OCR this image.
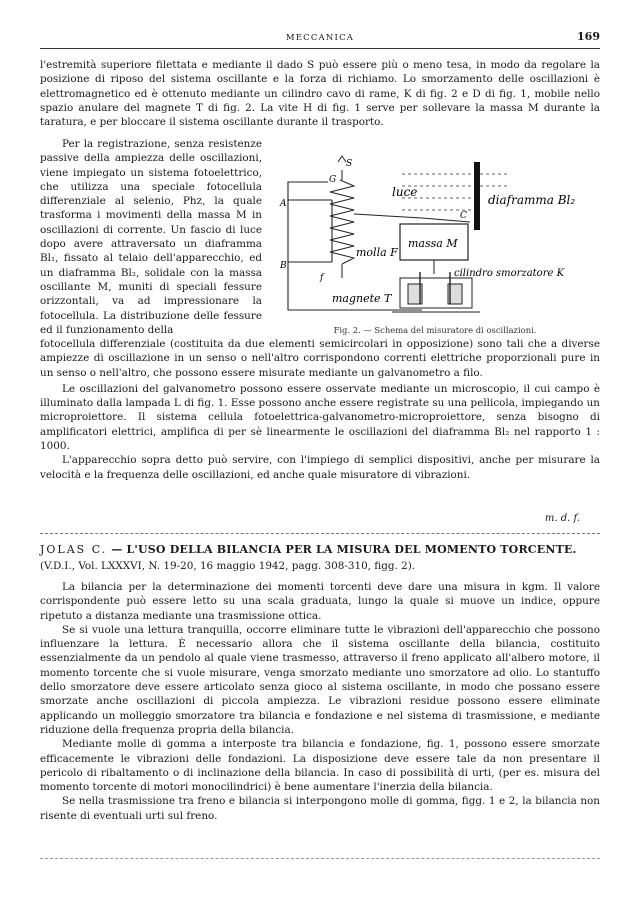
MECCANICA	169

l'estremità superiore filettata e mediante il dado S può essere più o meno tesa, in modo da regolare la posizione di riposo del sistema oscillante e la forza di richiamo. Lo smorzamento delle oscillazioni è elettromagnetico ed è ottenuto mediante un cilindro cavo di rame, K di fig. 2 e D di fig. 1, mobile nello spazio anulare del magnete T di fig. 2. La vite H di fig. 1 serve per sollevare la massa M durante la taratura, e per bloccare il sistema oscillante durante il trasporto.

Per la registrazione, senza resistenze passive della ampiezza delle oscillazioni, viene impiegato un sistema fotoelettrico, che utilizza una speciale fotocellula differenziale al selenio, Phz, la quale trasforma i movimenti della massa M in oscillazioni di corrente. Un fascio di luce dopo avere attraversato un diaframma Bl₁, fissato al telaio dell'apparecchio, ed un diaframma Bl₂, solidale con la massa oscillante M, muniti di speciali fessure orizzontali, va ad impressionare la fotocellula. La distribuzione delle fessure ed il funzionamento della

S
G
A
B
C
f
luce
diaframma Bl₂
massa M
molla F
cilindro smorzatore K
magnete T
Fig. 2. — Schema del misuratore di oscillazioni.

fotocellula differenziale (costituita da due elementi semicircolari in opposizione) sono tali che a diverse ampiezze di oscillazione in un senso o nell'altro corrispondono correnti elettriche proporzionali pure in un senso o nell'altro, che possono essere misurate mediante un galvanometro a filo.

Le oscillazioni del galvanometro possono essere osservate mediante un microscopio, il cui campo è illuminato dalla lampada L di fig. 1. Esse possono anche essere registrate su una pellicola, impiegando un microproiettore. Il sistema cellula fotoelettrica-galvanometro-microproiettore, senza bisogno di amplificatori elettrici, amplifica di per sè linearmente le oscillazioni del diaframma Bl₂ nel rapporto 1 : 1000.

L'apparecchio sopra detto può servire, con l'impiego di semplici dispositivi, anche per misurare la velocità e la frequenza delle oscillazioni, ed anche quale misuratore di vibrazioni.

m. d. f.
JOLAS C. — L'USO DELLA BILANCIA PER LA MISURA DEL MOMENTO TORCENTE.
(V.D.I., Vol. LXXXVI, N. 19-20, 16 maggio 1942, pagg. 308-310, figg. 2).

La bilancia per la determinazione dei momenti torcenti deve dare una misura in kgm. Il valore corrispondente può essere letto su una scala graduata, lungo la quale si muove un indice, oppure ripetuto a distanza mediante una trasmissione ottica.

Se si vuole una lettura tranquilla, occorre eliminare tutte le vibrazioni dell'apparecchio che possono influenzare la lettura. È necessario allora che il sistema oscillante della bilancia, costituito essenzialmente da un pendolo al quale viene trasmesso, attraverso il freno applicato all'albero motore, il momento torcente che si vuole misurare, venga smorzato mediante uno smorzatore ad olio. Lo stantuffo dello smorzatore deve essere articolato senza gioco al sistema oscillante, in modo che possano essere smorzate anche oscillazioni di piccola ampiezza. Le vibrazioni residue possono essere eliminate applicando un molleggio smorzatore tra bilancia e fondazione e nel sistema di trasmissione, e mediante riduzione della frequenza propria della bilancia.

Mediante molle di gomma a interposte tra bilancia e fondazione, fig. 1, possono essere smorzate efficacemente le vibrazioni delle fondazioni. La disposizione deve essere tale da non presentare il pericolo di ribaltamento o di inclinazione della bilancia. In caso di possibilità di urti, (per es. misura del momento torcente di motori monocilindrici) è bene aumentare l'inerzia della bilancia.

Se nella trasmissione tra freno e bilancia si interpongono molle di gomma, figg. 1 e 2, la bilancia non risente di eventuali urti sul freno.
